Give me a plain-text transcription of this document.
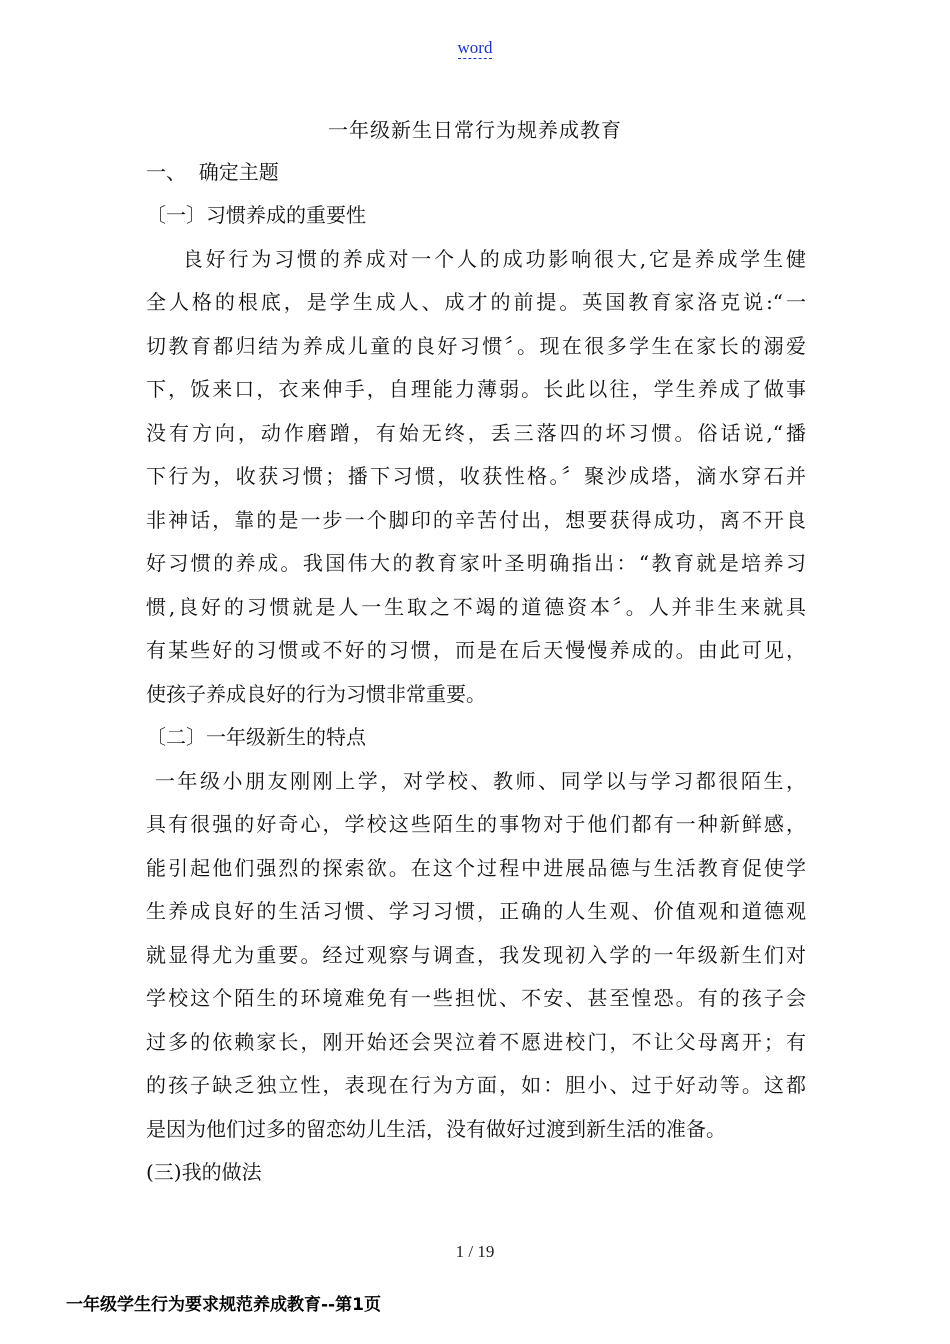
word
一年级新生日常行为规养成教育
一、  确定主题
〔一〕习惯养成的重要性
良好行为习惯的养成对一个人的成功影响很大,它是养成学生健
全人格的根底，是学生成人、成才的前提。英国教育家洛克说:“一
切教育都归结为养成儿童的良好习惯〞。现在很多学生在家长的溺爱
下，饭来口，衣来伸手，自理能力薄弱。长此以往，学生养成了做事
没有方向，动作磨蹭，有始无终，丢三落四的坏习惯。俗话说,“播
下行为，收获习惯；播下习惯，收获性格。〞聚沙成塔，滴水穿石并
非神话，靠的是一步一个脚印的辛苦付出，想要获得成功，离不开良
好习惯的养成。我国伟大的教育家叶圣明确指出：“教育就是培养习
惯,良好的习惯就是人一生取之不竭的道德资本〞。人并非生来就具
有某些好的习惯或不好的习惯，而是在后天慢慢养成的。由此可见，
使孩子养成良好的行为习惯非常重要。
〔二〕一年级新生的特点
一年级小朋友刚刚上学，对学校、教师、同学以与学习都很陌生，
具有很强的好奇心，学校这些陌生的事物对于他们都有一种新鲜感，
能引起他们强烈的探索欲。在这个过程中进展品德与生活教育促使学
生养成良好的生活习惯、学习习惯，正确的人生观、价值观和道德观
就显得尤为重要。经过观察与调查，我发现初入学的一年级新生们对
学校这个陌生的环境难免有一些担忧、不安、甚至惶恐。有的孩子会
过多的依赖家长，刚开始还会哭泣着不愿进校门，不让父母离开；有
的孩子缺乏独立性，表现在行为方面，如：胆小、过于好动等。这都
是因为他们过多的留恋幼儿生活，没有做好过渡到新生活的准备。
(三)我的做法
1 / 19
一年级学生行为要求规范养成教育--第1页
